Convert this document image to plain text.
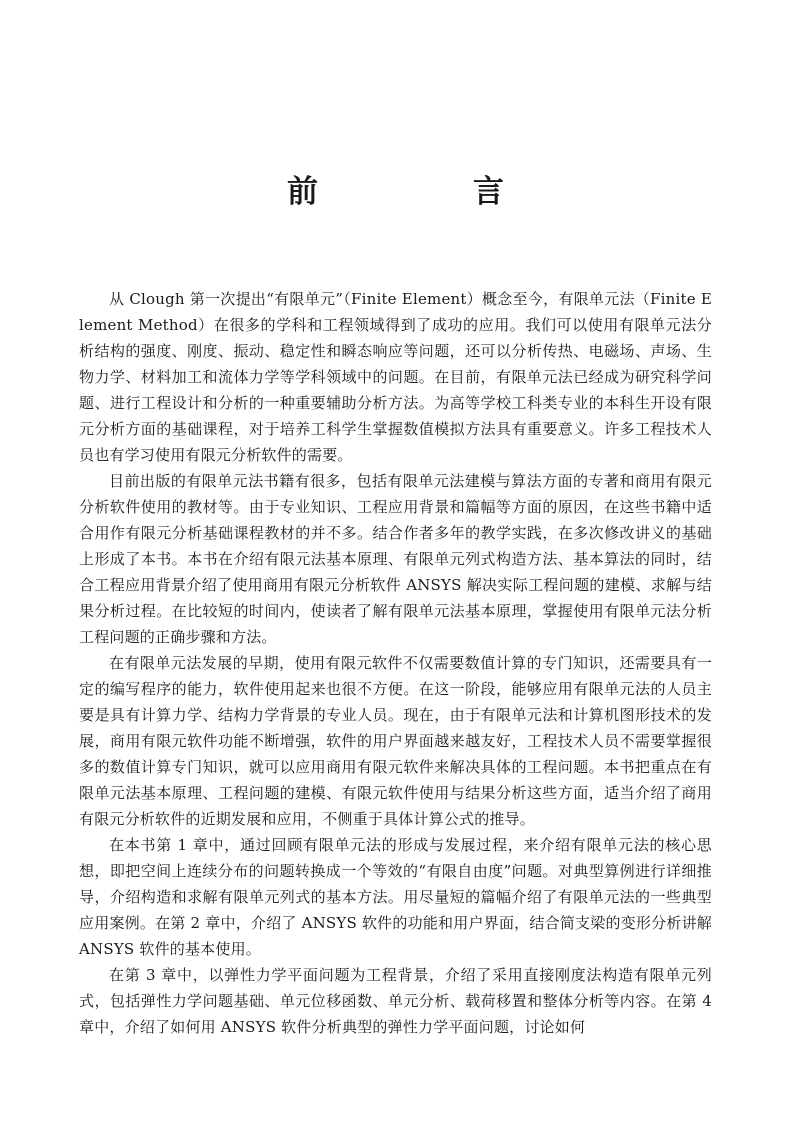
前　言

从 Clough 第一次提出“有限单元”（Finite Element）概念至今，有限单元法（Finite Element Method）在很多的学科和工程领域得到了成功的应用。我们可以使用有限单元法分析结构的强度、刚度、振动、稳定性和瞬态响应等问题，还可以分析传热、电磁场、声场、生物力学、材料加工和流体力学等学科领域中的问题。在目前，有限单元法已经成为研究科学问题、进行工程设计和分析的一种重要辅助分析方法。为高等学校工科类专业的本科生开设有限元分析方面的基础课程，对于培养工科学生掌握数值模拟方法具有重要意义。许多工程技术人员也有学习使用有限元分析软件的需要。

目前出版的有限单元法书籍有很多，包括有限单元法建模与算法方面的专著和商用有限元分析软件使用的教材等。由于专业知识、工程应用背景和篇幅等方面的原因，在这些书籍中适合用作有限元分析基础课程教材的并不多。结合作者多年的教学实践，在多次修改讲义的基础上形成了本书。本书在介绍有限元法基本原理、有限单元列式构造方法、基本算法的同时，结合工程应用背景介绍了使用商用有限元分析软件 ANSYS 解决实际工程问题的建模、求解与结果分析过程。在比较短的时间内，使读者了解有限单元法基本原理，掌握使用有限单元法分析工程问题的正确步骤和方法。

在有限单元法发展的早期，使用有限元软件不仅需要数值计算的专门知识，还需要具有一定的编写程序的能力，软件使用起来也很不方便。在这一阶段，能够应用有限单元法的人员主要是具有计算力学、结构力学背景的专业人员。现在，由于有限单元法和计算机图形技术的发展，商用有限元软件功能不断增强，软件的用户界面越来越友好，工程技术人员不需要掌握很多的数值计算专门知识，就可以应用商用有限元软件来解决具体的工程问题。本书把重点在有限单元法基本原理、工程问题的建模、有限元软件使用与结果分析这些方面，适当介绍了商用有限元分析软件的近期发展和应用，不侧重于具体计算公式的推导。

在本书第 1 章中，通过回顾有限单元法的形成与发展过程，来介绍有限单元法的核心思想，即把空间上连续分布的问题转换成一个等效的“有限自由度”问题。对典型算例进行详细推导，介绍构造和求解有限单元列式的基本方法。用尽量短的篇幅介绍了有限单元法的一些典型应用案例。在第 2 章中，介绍了 ANSYS 软件的功能和用户界面，结合简支梁的变形分析讲解 ANSYS 软件的基本使用。

在第 3 章中，以弹性力学平面问题为工程背景，介绍了采用直接刚度法构造有限单元列式，包括弹性力学问题基础、单元位移函数、单元分析、载荷移置和整体分析等内容。在第 4 章中，介绍了如何用 ANSYS 软件分析典型的弹性力学平面问题，讨论如何
